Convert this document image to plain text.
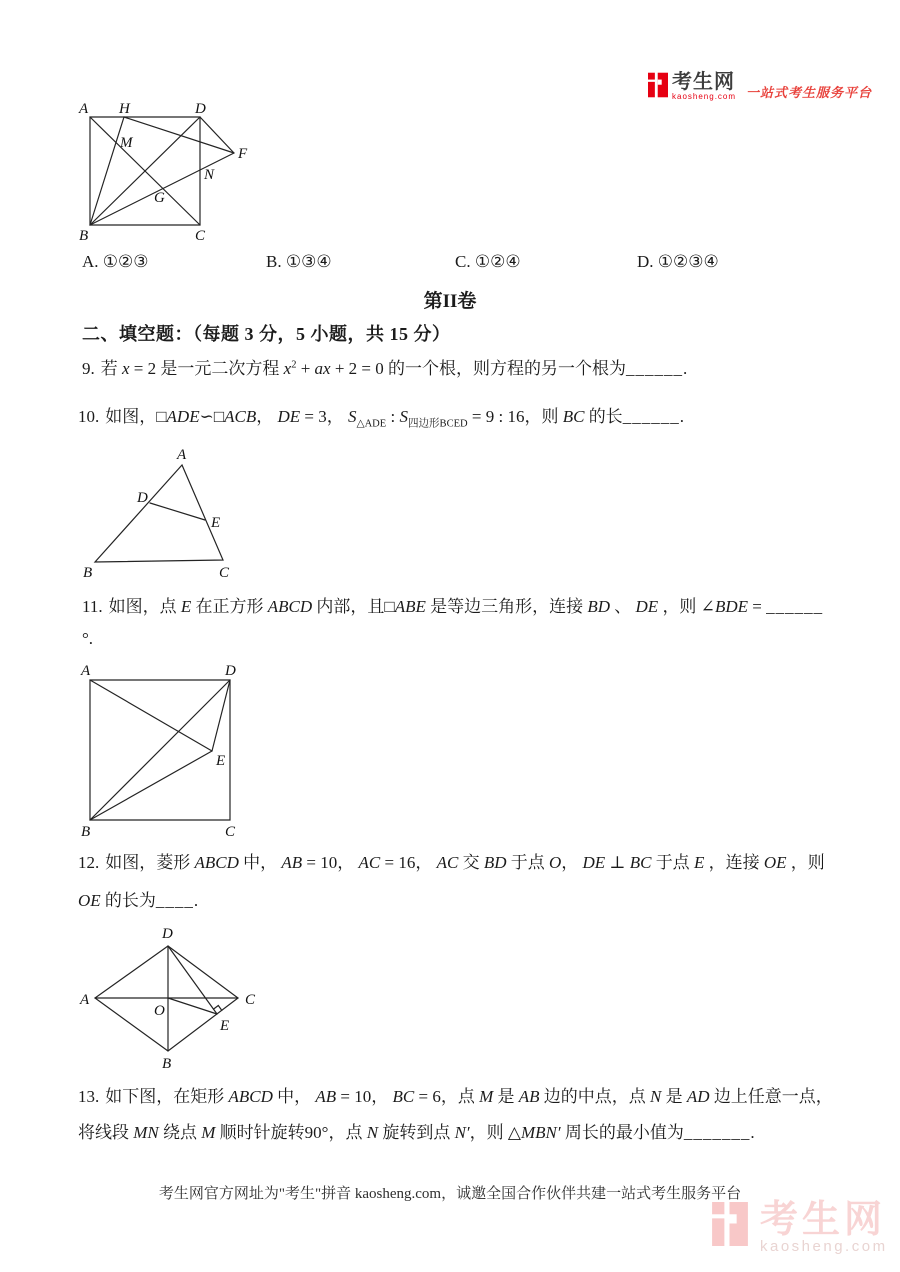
考生网
kaosheng.com 一站式考生服务平台
A H	D
M
F
N
G
B	C
A. ①②③	B. ①③④	C. ①②④	D. ①②③④
第II卷
二、填空题：（每题 3 分，5 小题，共 15 分）
9. 若 x = 2 是一元二次方程 $x^2$ + ax + 2 = 0 的一个根，则方程的另一个根为______.
10. 如图，□ADE∽□ACB， DE = 3， $S_{\triangle ADE}$ : $S_{四边形BCED} = 9$ : 16，则 BC 的长______.
A
D
E
B	C
11. 如图，点 E 在正方形 ABCD 内部，且□ABE 是等边三角形，连接 BD 、 DE ，则 ∠BDE = ______
°.
A	D
E
B	C
12. 如图，菱形 ABCD 中， AB = 10， AC = 16， AC 交 BD 于点 O， DE ⊥ BC 于点 E ，连接 OE ，则
OE 的长为____.
D
A	C
B
O
E
13. 如下图，在矩形 ABCD 中， AB = 10， BC = 6，点 M 是 AB 边的中点，点 N 是 AD 边上任意一点，
将线段 MN 绕点 M 顺时针旋转90°，点 N 旋转到点 N′，则 △MBN′ 周长的最小值为_______.
考生网官方网址为"考生"拼音 kaosheng.com，诚邀全国合作伙伴共建一站式考生服务平台
考生网
kaosheng.com
